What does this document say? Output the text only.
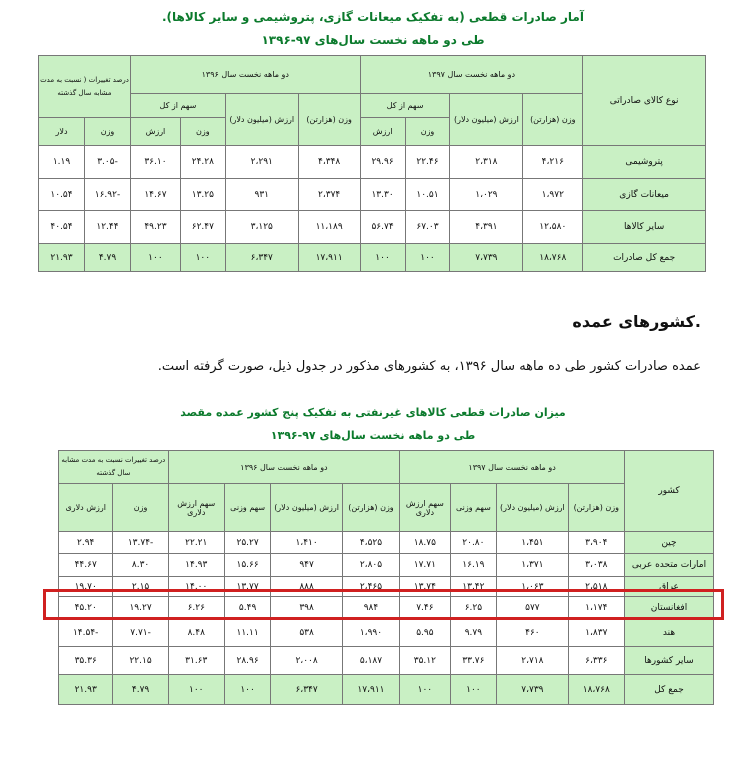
آمار صادرات قطعی (به تفکیک میعانات گازی، پتروشیمی و سایر کالاها).
طی دو ماهه نخست سال‌های ۹۷-۱۳۹۶
نوع کالای صادراتی	دو ماهه نخست سال ۱۳۹۷				دو ماهه نخست سال ۱۳۹۶				درصد تغییرات ( نسبت به مدت مشابه سال گذشته	
	وزن (هزارتن)	ارزش (میلیون دلار)	سهم از کل		وزن (هزارتن)	ارزش (میلیون دلار)	سهم از کل			
			وزن	ارزش			وزن	ارزش	وزن	دلار
پتروشیمی	۴،۲۱۶	۲،۳۱۸	۲۲.۴۶	۲۹.۹۶	۴،۳۴۸	۲،۲۹۱	۲۴.۲۸	۳۶.۱۰	-۳.۰۵	۱.۱۹
میعانات گازی	۱،۹۷۲	۱،۰۲۹	۱۰.۵۱	۱۳.۳۰	۲،۳۷۴	۹۳۱	۱۳.۲۵	۱۴.۶۷	-۱۶.۹۲	۱۰.۵۴
سایر کالاها	۱۲،۵۸۰	۴،۳۹۱	۶۷.۰۳	۵۶.۷۴	۱۱،۱۸۹	۳،۱۲۵	۶۲.۴۷	۴۹.۲۳	۱۲.۴۴	۴۰.۵۴
جمع کل صادرات	۱۸،۷۶۸	۷،۷۳۹	۱۰۰	۱۰۰	۱۷،۹۱۱	۶،۳۴۷	۱۰۰	۱۰۰	۴.۷۹	۲۱.۹۳
.کشورهای عمده
عمده صادرات کشور طی ده ماهه سال ۱۳۹۶، به کشورهای مذکور در جدول ذیل، صورت گرفته است.
میزان صادرات قطعی کالاهای غیرنفتی به تفکیک پنج کشور عمده مقصد
طی دو ماهه نخست سال‌های ۹۷-۱۳۹۶
کشور	دو ماهه نخست سال ۱۳۹۷				دو ماهه نخست سال ۱۳۹۶				درصد تغییرات نسبت به مدت مشابه سال گذشته	
	وزن (هزارتن)	ارزش (میلیون دلار)	سهم وزنی	سهم ارزش دلاری	وزن (هزارتن)	ارزش (میلیون دلار)	سهم وزنی	سهم ارزش دلاری	وزن	ارزش دلاری
چین	۳،۹۰۴	۱،۴۵۱	۲۰.۸۰	۱۸.۷۵	۴،۵۲۵	۱،۴۱۰	۲۵.۲۷	۲۲.۲۱	-۱۳.۷۴	۲.۹۴
امارات متحده عربی	۳،۰۳۸	۱،۳۷۱	۱۶.۱۹	۱۷.۷۱	۲،۸۰۵	۹۴۷	۱۵.۶۶	۱۴.۹۳	۸.۳۰	۴۴.۶۷
عراق	۲،۵۱۸	۱،۰۶۳	۱۳.۴۲	۱۳.۷۴	۲،۴۶۵	۸۸۸	۱۳.۷۷	۱۴.۰۰	۲.۱۵	۱۹.۷۰
افغانستان	۱،۱۷۴	۵۷۷	۶.۲۵	۷.۴۶	۹۸۴	۳۹۸	۵.۴۹	۶.۲۶	۱۹.۲۷	۴۵.۲۰
هند	۱،۸۳۷	۴۶۰	۹.۷۹	۵.۹۵	۱،۹۹۰	۵۳۸	۱۱.۱۱	۸.۴۸	-۷.۷۱	-۱۴.۵۴
سایر کشورها	۶،۳۳۶	۲،۷۱۸	۳۳.۷۶	۳۵.۱۲	۵،۱۸۷	۲،۰۰۸	۲۸.۹۶	۳۱.۶۳	۲۲.۱۵	۳۵.۳۶
جمع کل	۱۸،۷۶۸	۷،۷۳۹	۱۰۰	۱۰۰	۱۷،۹۱۱	۶،۳۴۷	۱۰۰	۱۰۰	۴.۷۹	۲۱.۹۳
